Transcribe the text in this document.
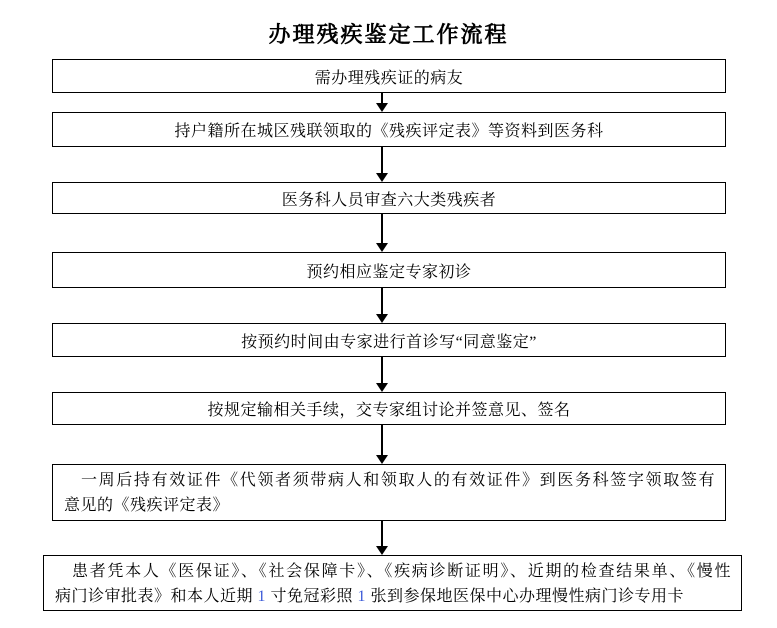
办理残疾鉴定工作流程
需办理残疾证的病友
持户籍所在城区残联领取的《残疾评定表》等资料到医务科
医务科人员审查六大类残疾者
预约相应鉴定专家初诊
按预约时间由专家进行首诊写“同意鉴定”
按规定输相关手续，交专家组讨论并签意见、签名
一周后持有效证件《代领者须带病人和领取人的有效证件》到医务科签字领取签有
意见的《残疾评定表》
患者凭本人《医保证》、《社会保障卡》、《疾病诊断证明》、近期的检查结果单、《慢性
病门诊审批表》和本人近期 1 寸免冠彩照 1 张到参保地医保中心办理慢性病门诊专用卡
